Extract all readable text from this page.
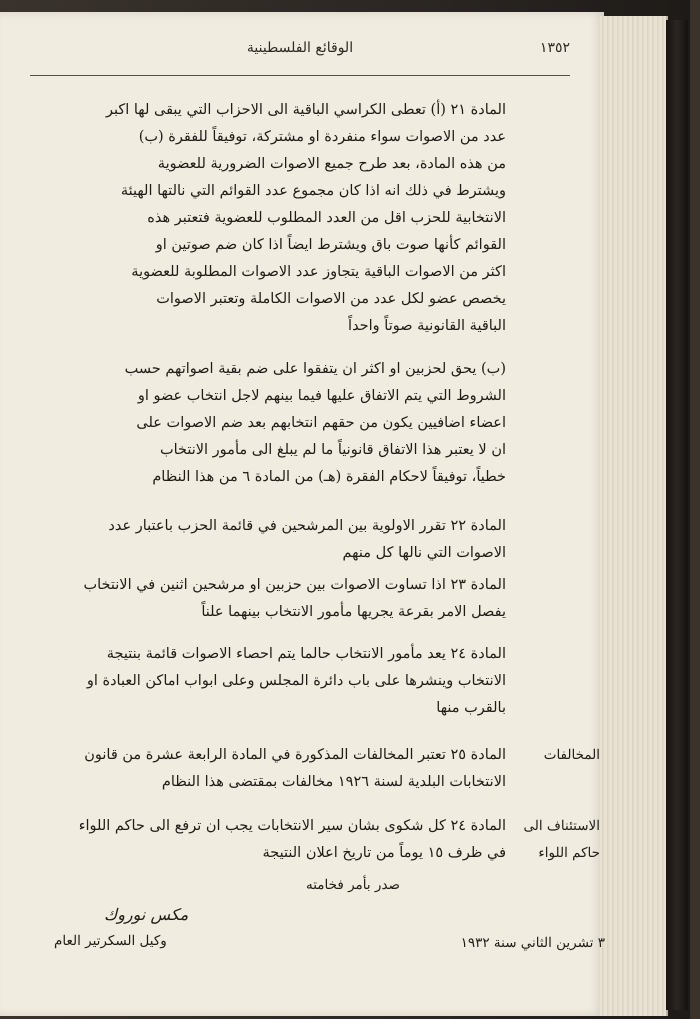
١٣٥٢
الوقائع الفلسطينية
المادة ٢١ (أ) تعطى الكراسي الباقية الى الاحزاب التي يبقى لها اكبر
عدد من الاصوات سواء منفردة او مشتركة، توفيقاً للفقرة (ب)
من هذه المادة، بعد طرح جميع الاصوات الضرورية للعضوية
ويشترط في ذلك انه اذا كان مجموع عدد القوائم التي نالتها الهيئة
الانتخابية للحزب اقل من العدد المطلوب للعضوية فتعتبر هذه
القوائم كأنها صوت باق ويشترط ايضاً اذا كان ضم صوتين او
اكثر من الاصوات الباقية يتجاوز عدد الاصوات المطلوبة للعضوية
يخصص عضو لكل عدد من الاصوات الكاملة وتعتبر الاصوات
الباقية القانونية صوتاً واحداً
(ب) يحق لحزبين او اكثر ان يتفقوا على ضم بقية اصواتهم حسب
الشروط التي يتم الاتفاق عليها فيما بينهم لاجل انتخاب عضو او
اعضاء اضافيين يكون من حقهم انتخابهم بعد ضم الاصوات على
ان لا يعتبر هذا الاتفاق قانونياً ما لم يبلغ الى مأمور الانتخاب
خطياً، توفيقاً لاحكام الفقرة (هـ) من المادة ٦ من هذا النظام
المادة ٢٢ تقرر الاولوية بين المرشحين في قائمة الحزب باعتبار عدد
الاصوات التي نالها كل منهم
المادة ٢٣ اذا تساوت الاصوات بين حزبين او مرشحين اثنين في الانتخاب
يفصل الامر بقرعة يجريها مأمور الانتخاب بينهما علناً
المادة ٢٤ يعد مأمور الانتخاب حالما يتم احصاء الاصوات قائمة بنتيجة
الانتخاب وينشرها على باب دائرة المجلس وعلى ابواب اماكن العبادة او
بالقرب منها
المخالفات
المادة ٢٥ تعتبر المخالفات المذكورة في المادة الرابعة عشرة من قانون
الانتخابات البلدية لسنة ١٩٢٦ مخالفات بمقتضى هذا النظام
الاستئناف الى حاكم اللواء
المادة ٢٤ كل شكوى بشان سير الانتخابات يجب ان ترفع الى حاكم اللواء
في ظرف ١٥ يوماً من تاريخ اعلان النتيجة
صدر بأمر فخامته
مكس نوروك
وكيل السكرتير العام	٣ تشرين الثاني سنة ١٩٣٢
